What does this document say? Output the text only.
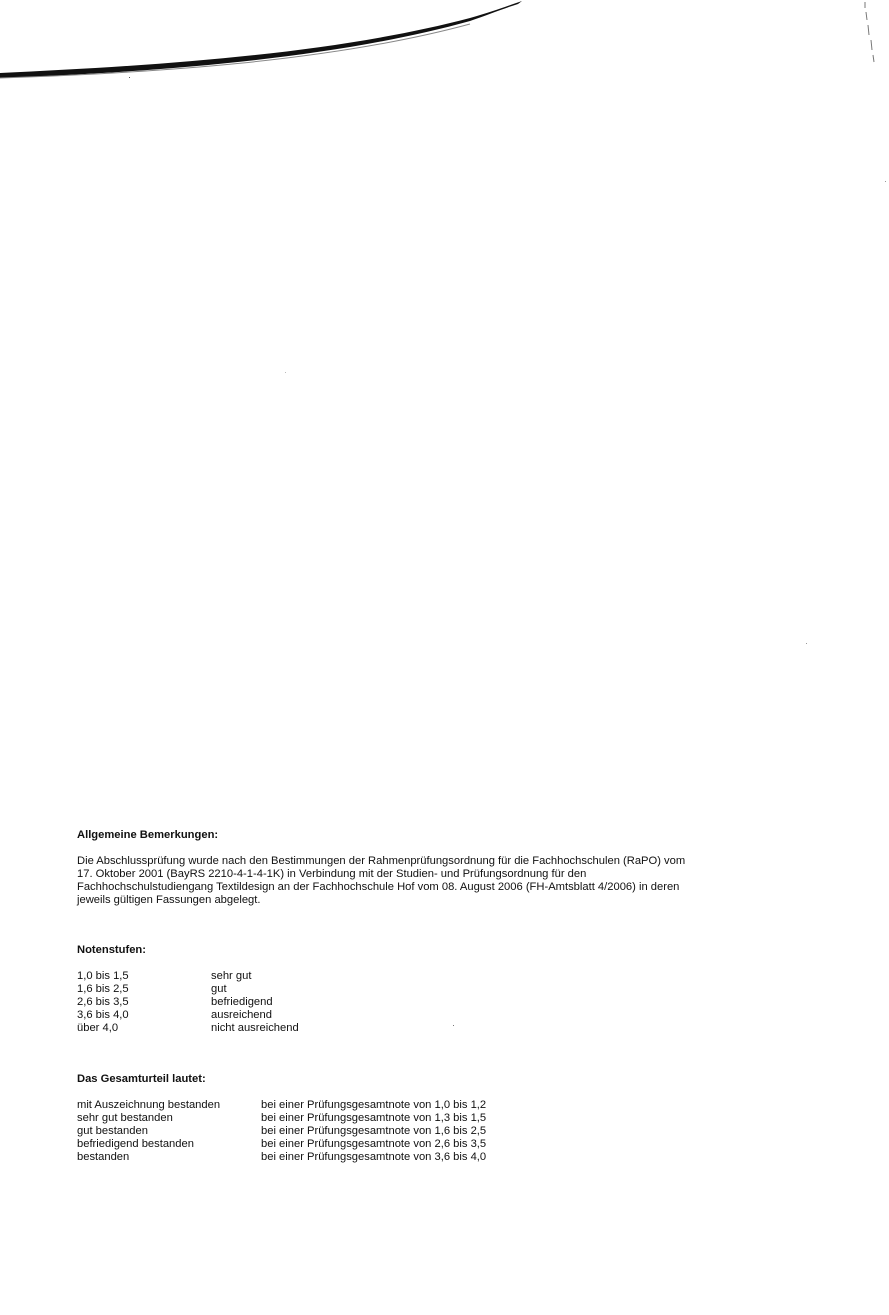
Allgemeine Bemerkungen:

Die Abschlussprüfung wurde nach den Bestimmungen der Rahmenprüfungsordnung für die Fachhochschulen (RaPO) vom

17. Oktober 2001 (BayRS 2210-4-1-4-1K) in Verbindung mit der Studien- und Prüfungsordnung für den

Fachhochschulstudiengang Textildesign an der Fachhochschule Hof vom 08. August 2006 (FH-Amtsblatt 4/2006) in deren

jeweils gültigen Fassungen abgelegt.

Notenstufen:

1,0 bis 1,5	sehr gut
1,6 bis 2,5	gut
2,6 bis 3,5	befriedigend
3,6 bis 4,0	ausreichend
über 4,0	nicht ausreichend

Das Gesamturteil lautet:

mit Auszeichnung bestanden	bei einer Prüfungsgesamtnote von 1,0 bis 1,2
sehr gut bestanden	bei einer Prüfungsgesamtnote von 1,3 bis 1,5
gut bestanden	bei einer Prüfungsgesamtnote von 1,6 bis 2,5
befriedigend bestanden	bei einer Prüfungsgesamtnote von 2,6 bis 3,5
bestanden	bei einer Prüfungsgesamtnote von 3,6 bis 4,0
